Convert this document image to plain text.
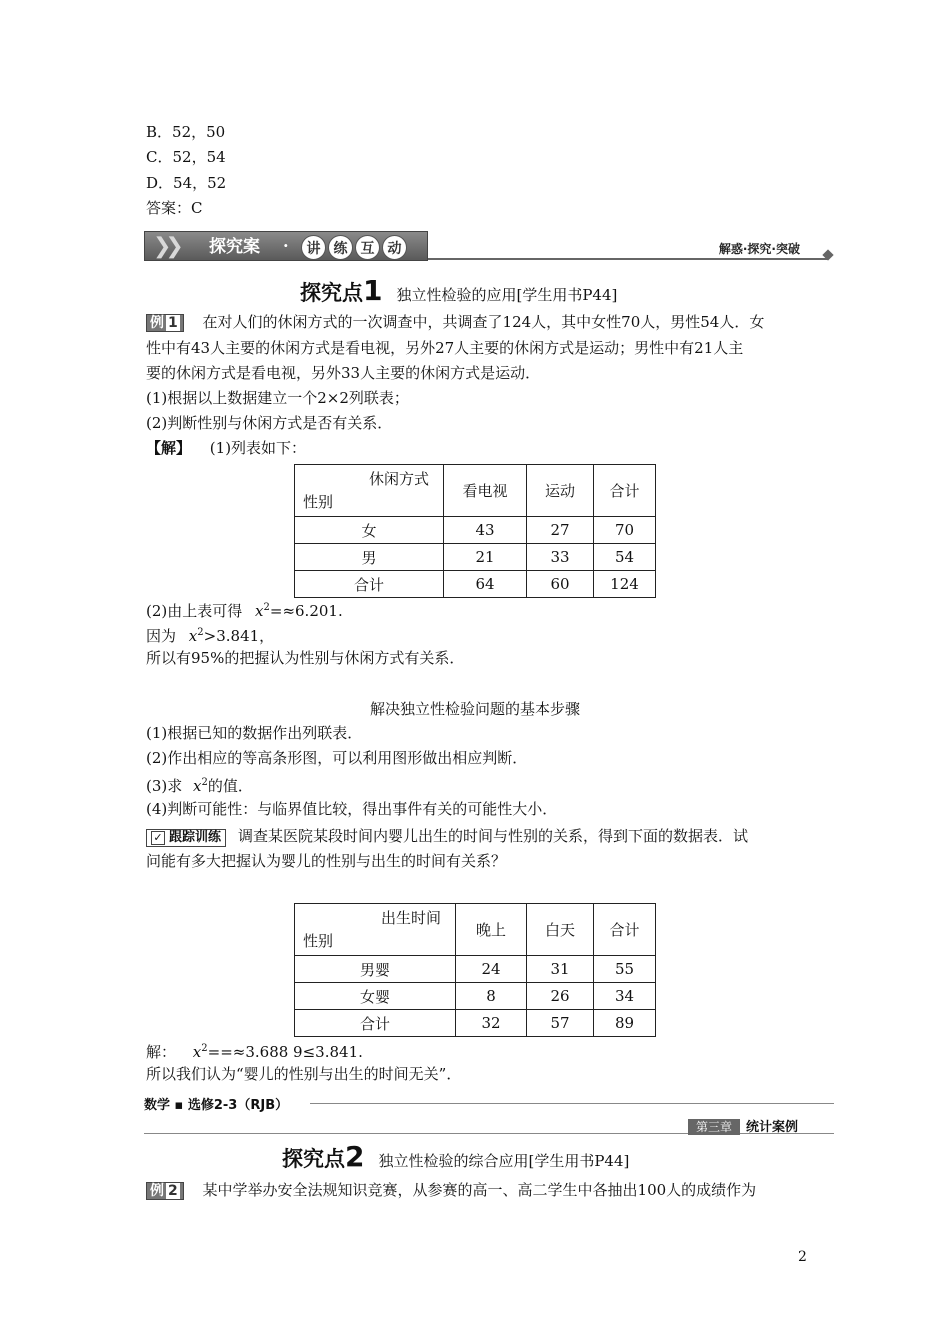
B．52，50
C．52，54
D．54，52
答案：C
❯❯ 探究案 ·	讲 练 互 动	解惑·探究·突破
探究点1 独立性检验的应用[学生用书P44]
例 1 在对人们的休闲方式的一次调查中，共调查了124人，其中女性70人，男性54人．女
性中有43人主要的休闲方式是看电视，另外27人主要的休闲方式是运动；男性中有21人主
要的休闲方式是看电视，另外33人主要的休闲方式是运动．
(1)根据以上数据建立一个2×2列联表；
(2)判断性别与休闲方式是否有关系．
【解】 (1)列表如下：
休闲方式
性别	看电视	运动	合计
女	43	27	70
男	21	33	54
合计	64	60	124
(2)由上表可得 $x^2=\approx 6.201$.
因为 $x^2>3.841$，
所以有95%的把握认为性别与休闲方式有关系．
解决独立性检验问题的基本步骤
(1)根据已知的数据作出列联表．
(2)作出相应的等高条形图，可以利用图形做出相应判断．
(3)求 $x^2$的值．
(4)判断可能性：与临界值比较，得出事件有关的可能性大小．
✓ 跟踪训练 调查某医院某段时间内婴儿出生的时间与性别的关系，得到下面的数据表．试
问能有多大把握认为婴儿的性别与出生的时间有关系？
出生时间
性别	晚上	白天	合计
男婴	24	31	55
女婴	8	26	34
合计	32	57	89
解： $x^2==\approx 3.688$ 9≤3.841.
所以我们认为“婴儿的性别与出生的时间无关”．
数学 ▪ 选修2-3（RJB）
第三章 统计案例
探究点2 独立性检验的综合应用[学生用书P44]
例 2 某中学举办安全法规知识竞赛，从参赛的高一、高二学生中各抽出100人的成绩作为
2
